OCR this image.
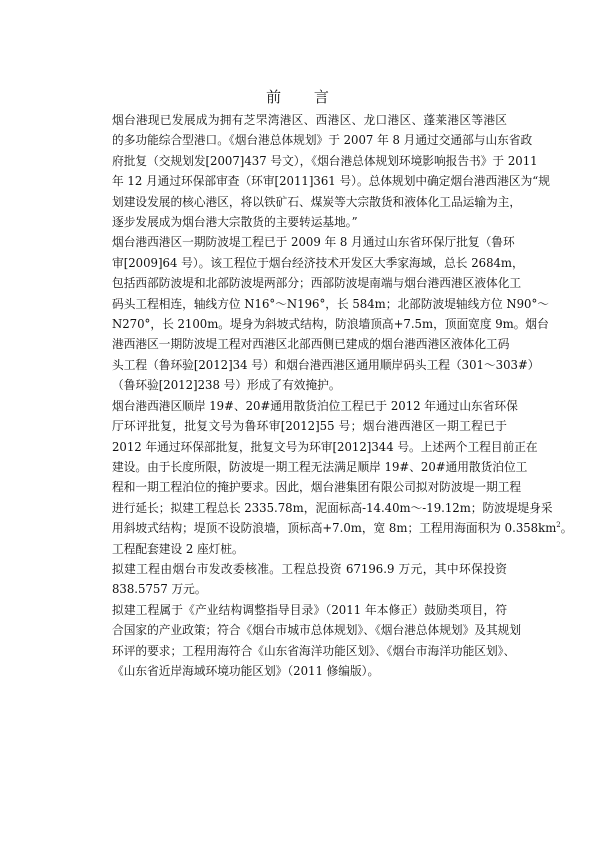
前 言

烟台港现已发展成为拥有芝罘湾港区、西港区、龙口港区、蓬莱港区等港区
的多功能综合型港口。《烟台港总体规划》于 2007 年 8 月通过交通部与山东省政
府批复（交规划发[2007]437 号文），《烟台港总体规划环境影响报告书》于 2011
年 12 月通过环保部审查（环审[2011]361 号）。总体规划中确定烟台港西港区为“规
划建设发展的核心港区，将以铁矿石、煤炭等大宗散货和液体化工品运输为主，
逐步发展成为烟台港大宗散货的主要转运基地。”

烟台港西港区一期防波堤工程已于 2009 年 8 月通过山东省环保厅批复（鲁环
审[2009]64 号）。该工程位于烟台经济技术开发区大季家海域，总长 2684m，
包括西部防波堤和北部防波堤两部分；西部防波堤南端与烟台港西港区液体化工
码头工程相连，轴线方位 N16°～N196°，长 584m；北部防波堤轴线方位 N90°～
N270°，长 2100m。堤身为斜坡式结构，防浪墙顶高+7.5m，顶面宽度 9m。烟台
港西港区一期防波堤工程对西港区北部西侧已建成的烟台港西港区液体化工码
头工程（鲁环验[2012]34 号）和烟台港西港区通用顺岸码头工程（301～303#）
（鲁环验[2012]238 号）形成了有效掩护。

烟台港西港区顺岸 19#、20#通用散货泊位工程已于 2012 年通过山东省环保
厅环评批复，批复文号为鲁环审[2012]55 号；烟台港西港区一期工程已于
2012 年通过环保部批复，批复文号为环审[2012]344 号。上述两个工程目前正在
建设。由于长度所限，防波堤一期工程无法满足顺岸 19#、20#通用散货泊位工
程和一期工程泊位的掩护要求。因此，烟台港集团有限公司拟对防波堤一期工程
进行延长；拟建工程总长 2335.78m，泥面标高-14.40m～-19.12m；防波堤堤身采
用斜坡式结构；堤顶不设防浪墙，顶标高+7.0m，宽 8m；工程用海面积为 $0.358km^2$。
工程配套建设 2 座灯桩。

拟建工程由烟台市发改委核准。工程总投资 67196.9 万元，其中环保投资
838.5757 万元。

拟建工程属于《产业结构调整指导目录》（2011 年本修正）鼓励类项目，符
合国家的产业政策；符合《烟台市城市总体规划》、《烟台港总体规划》及其规划
环评的要求；工程用海符合《山东省海洋功能区划》、《烟台市海洋功能区划》、
《山东省近岸海域环境功能区划》（2011 修编版）。
